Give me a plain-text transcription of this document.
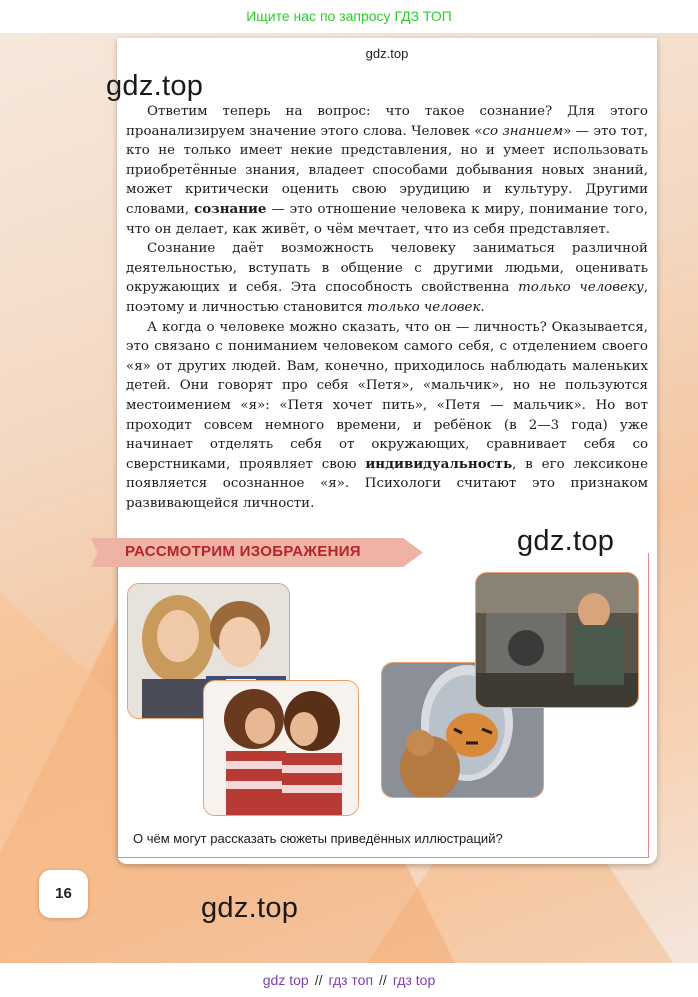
Ищите нас по запросу ГДЗ ТОП
gdz.top

Ответим теперь на вопрос: что такое сознание? Для этого проанализируем значение этого слова. Человек «со знанием» — это тот, кто не только имеет некие представления, но и умеет использовать приобретённые знания, владеет способами добывания новых знаний, может критически оценить свою эрудицию и культуру. Другими словами, сознание — это отношение человека к миру, понимание того, что он делает, как живёт, о чём мечтает, что из себя представляет.

Сознание даёт возможность человеку заниматься различной деятельностью, вступать в общение с другими людьми, оценивать окружающих и себя. Эта способность свойственна только человеку, поэтому и личностью становится только человек.

А когда о человеке можно сказать, что он — личность? Оказывается, это связано с пониманием человеком самого себя, с отделением своего «я» от других людей. Вам, конечно, приходилось наблюдать маленьких детей. Они говорят про себя «Петя», «мальчик», но не пользуются местоимением «я»: «Петя хочет пить», «Петя — мальчик». Но вот проходит совсем немного времени, и ребёнок (в 2—3 года) уже начинает отделять себя от окружающих, сравнивает себя со сверстниками, проявляет свою индивидуальность, в его лексиконе появляется осознанное «я». Психологи считают это признаком развивающейся личности.

gdz.top
РАССМОТРИМ ИЗОБРАЖЕНИЯ	gdz.top
О чём могут рассказать сюжеты приведённых иллюстраций?
16	gdz.top
gdz top // гдз топ // гдз top
